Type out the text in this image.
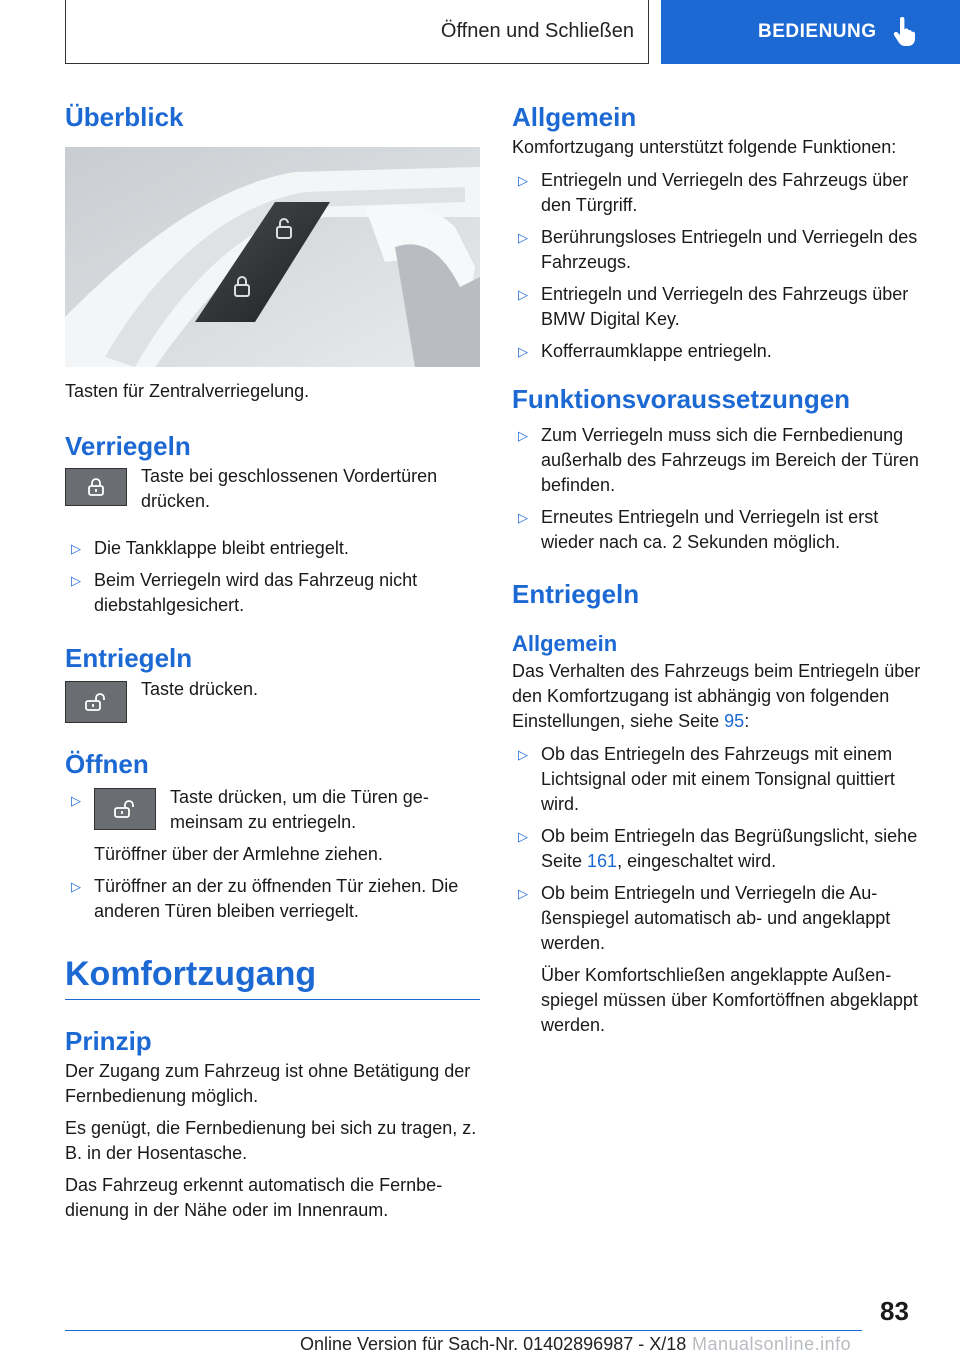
Öffnen und Schließen	BEDIENUNG
Überblick

Tasten für Zentralverriegelung.

Verriegeln

Taste bei geschlossenen Vordertüren drücken.

▷ Die Tankklappe bleibt entriegelt.
▷ Beim Verriegeln wird das Fahrzeug nicht diebstahlgesichert.
Entriegeln

Taste drücken.

Öffnen
▷	Taste drücken, um die Türen gemeinsam zu entriegeln.

Türöffner über der Armlehne ziehen.

▷ Türöffner an der zu öffnenden Tür ziehen. Die anderen Türen bleiben verriegelt.
Komfortzugang
Prinzip

Der Zugang zum Fahrzeug ist ohne Betätigung der Fernbedienung möglich.

Es genügt, die Fernbedienung bei sich zu tragen, z. B. in der Hosentasche.

Das Fahrzeug erkennt automatisch die Fernbedienung in der Nähe oder im Innenraum.

Allgemein

Komfortzugang unterstützt folgende Funktionen:

▷ Entriegeln und Verriegeln des Fahrzeugs über den Türgriff.
▷ Berührungsloses Entriegeln und Verriegeln des Fahrzeugs.
▷ Entriegeln und Verriegeln des Fahrzeugs über BMW Digital Key.
▷ Kofferraumklappe entriegeln.
Funktionsvoraussetzungen
▷ Zum Verriegeln muss sich die Fernbedienung außerhalb des Fahrzeugs im Bereich der Türen befinden.
▷ Erneutes Entriegeln und Verriegeln ist erst wieder nach ca. 2 Sekunden möglich.
Entriegeln
Allgemein

Das Verhalten des Fahrzeugs beim Entriegeln über den Komfortzugang ist abhängig von folgenden Einstellungen, siehe Seite 95:

▷ Ob das Entriegeln des Fahrzeugs mit einem Lichtsignal oder mit einem Tonsignal quittiert wird.
▷ Ob beim Entriegeln das Begrüßungslicht, siehe Seite 161, eingeschaltet wird.
▷ Ob beim Entriegeln und Verriegeln die Außenspiegel automatisch ab- und angeklappt werden.

Über Komfortschließen angeklappte Außenspiegel müssen über Komfortöffnen abgeklappt werden.

83
Online Version für Sach-Nr. 01402896987 - X/18 Manualsonline.info
